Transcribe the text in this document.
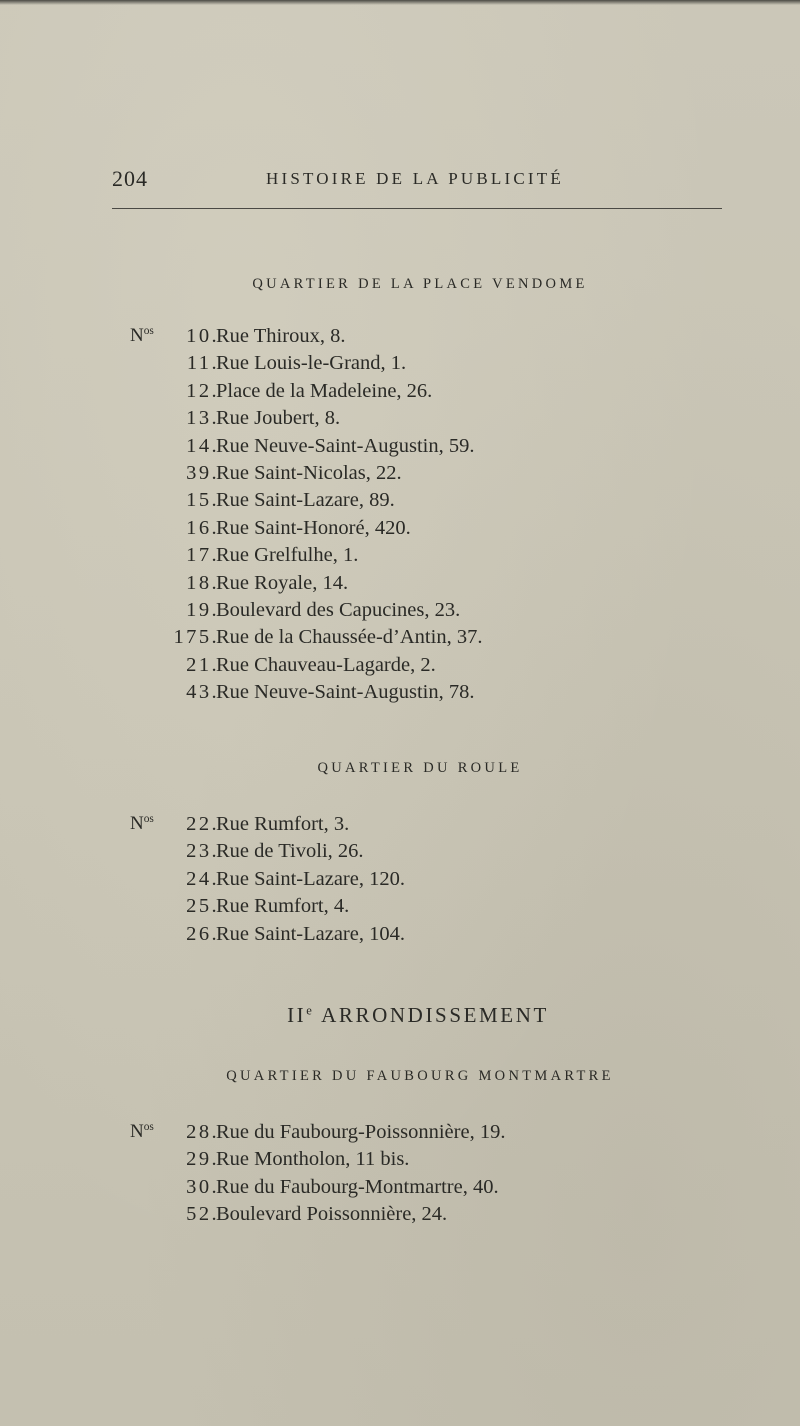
204	HISTOIRE DE LA PUBLICITÉ
QUARTIER DE LA PLACE VENDOME
$N^{os}$ 10.
Rue Thiroux, 8.
11.
Rue Louis-le-Grand, 1.
12.
Place de la Madeleine, 26.
13.
Rue Joubert, 8.
14.
Rue Neuve-Saint-Augustin, 59.
39.
Rue Saint-Nicolas, 22.
15.
Rue Saint-Lazare, 89.
16.
Rue Saint-Honoré, 420.
17.
Rue Grelfulhe, 1.
18.
Rue Royale, 14.
19.
Boulevard des Capucines, 23.
175.
Rue de la Chaussée-d’Antin, 37.
21.
Rue Chauveau-Lagarde, 2.
43.
Rue Neuve-Saint-Augustin, 78.
QUARTIER DU ROULE
$N^{os}$ 22.
Rue Rumfort, 3.
23.
Rue de Tivoli, 26.
24.
Rue Saint-Lazare, 120.
25.
Rue Rumfort, 4.
26.
Rue Saint-Lazare, 104.
IIe ARRONDISSEMENT
QUARTIER DU FAUBOURG MONTMARTRE
$N^{os}$ 28.
Rue du Faubourg-Poissonnière, 19.
29.
Rue Montholon, 11 bis.
30.
Rue du Faubourg-Montmartre, 40.
52.
Boulevard Poissonnière, 24.
